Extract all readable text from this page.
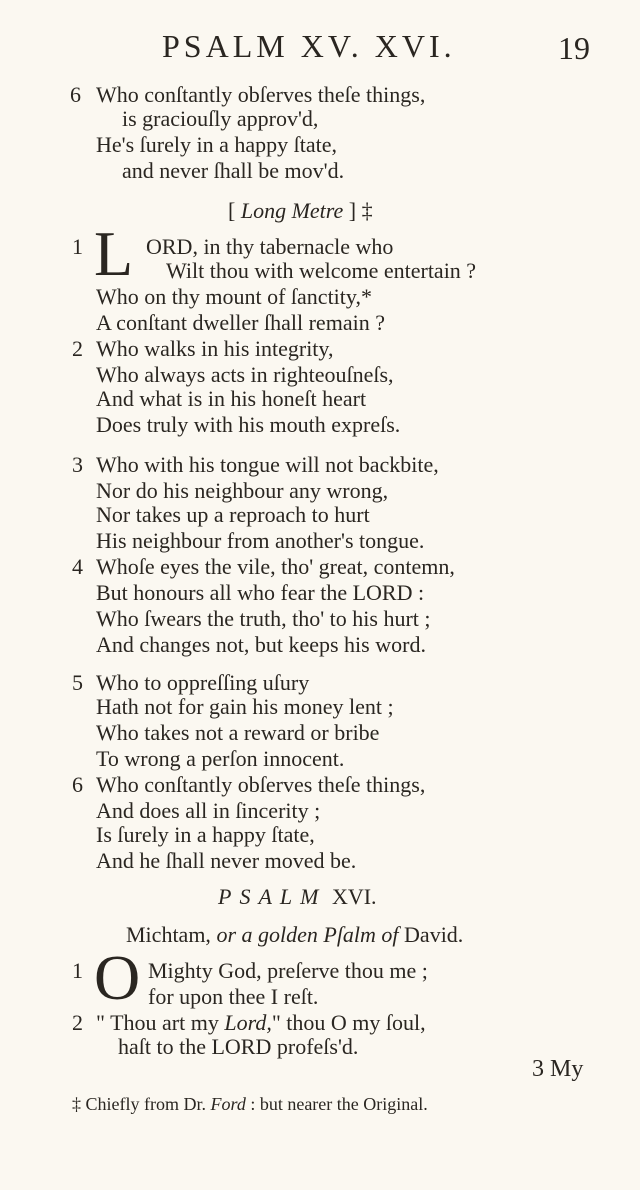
PSALM XV. XVI.	19
6 Who conſtantly obſerves theſe things,
is graciouſly approv'd,
He's ſurely in a happy ſtate,
and never ſhall be mov'd.
[ Long Metre ] ‡
1 L ORD, in thy tabernacle who
Wilt thou with welcome entertain ?
Who on thy mount of ſanctity,*
A conſtant dweller ſhall remain ?
2 Who walks in his integrity,
Who always acts in righteouſneſs,
And what is in his honeſt heart
Does truly with his mouth expreſs.
3 Who with his tongue will not backbite,
Nor do his neighbour any wrong,
Nor takes up a reproach to hurt
His neighbour from another's tongue.
4 Whoſe eyes the vile, tho' great, contemn,
But honours all who fear the LORD :
Who ſwears the truth, tho' to his hurt ;
And changes not, but keeps his word.
5 Who to oppreſſing uſury
Hath not for gain his money lent ;
Who takes not a reward or bribe
To wrong a perſon innocent.
6 Who conſtantly obſerves theſe things,
And does all in ſincerity ;
Is ſurely in a happy ſtate,
And he ſhall never moved be.
PSALM XVI.
Michtam, or a golden Pſalm of David.
1 O Mighty God, preſerve thou me ;
for upon thee I reſt.
2 " Thou art my Lord," thou O my ſoul,
haſt to the LORD profeſs'd.
3 My
‡ Chiefly from Dr. Ford : but nearer the Original.
